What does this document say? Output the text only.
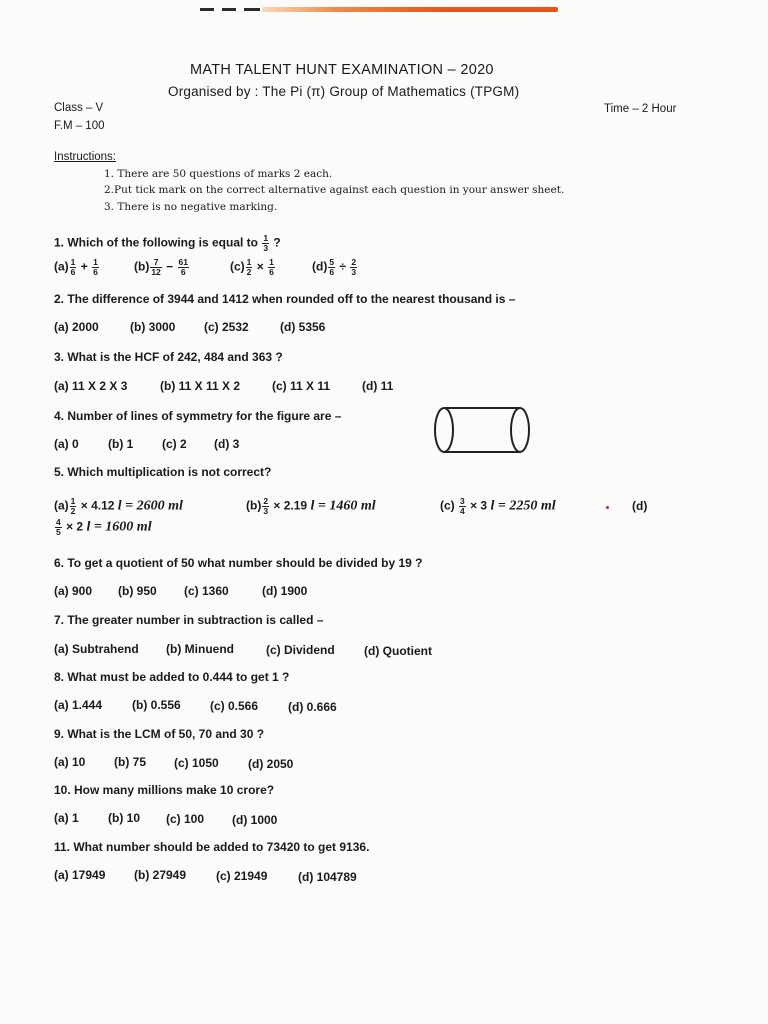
MATH TALENT HUNT EXAMINATION – 2020
Organised by : The Pi (π) Group of Mathematics (TPGM)
Class – V
F.M – 100
Time – 2 Hour
Instructions:
1. There are 50 questions of marks 2 each.
2.Put tick mark on the correct alternative against each question in your answer sheet.
3. There is no negative marking.
1. Which of the following is equal to $\frac{1}{3}$ ?
$(a) \frac{1}{6} + \frac{1}{6}$	$(b) \frac{7}{12} - \frac{61}{6}$	$(c) \frac{1}{2} \times \frac{1}{6}$	$(d) \frac{5}{6} \div \frac{2}{3}$
2. The difference of 3944 and 1412 when rounded off to the nearest thousand is –
(a) 2000	(b) 3000 (c) 2532	(d) 5356
3. What is the HCF of 242, 484 and 363 ?
(a) 11 X 2 X 3	(b) 11 X 11 X 2	(c) 11 X 11	(d) 11
4. Number of lines of symmetry for the figure are –
(a) 0 (b) 1 (c) 2 (d) 3
5. Which multiplication is not correct?
$(a) \frac{1}{2} \times 4.12$ l = 2600 ml	$(b) \frac{2}{3} \times 2.19$ l = 1460 ml	$(c) \frac{3}{4} \times 3$ l = 2250 ml	(d)
$\frac{4}{5} \times 2$ l = 1600 ml
6. To get a quotient of 50 what number should be divided by 19 ?
(a) 900 (b) 950 (c) 1360	(d) 1900
7. The greater number in subtraction is called –
(a) Subtrahend (b) Minuend	(c) Dividend (d) Quotient
8. What must be added to 0.444 to get 1 ?
(a) 1.444 (b) 0.556 (c) 0.566 (d) 0.666
9. What is the LCM of 50, 70 and 30 ?
(a) 10 (b) 75 (c) 1050 (d) 2050
10. How many millions make 10 crore?
(a) 1 (b) 10 (c) 100 (d) 1000
11. What number should be added to 73420 to get 9136.
(a) 17949 (b) 27949 (c) 21949	(d) 104789
